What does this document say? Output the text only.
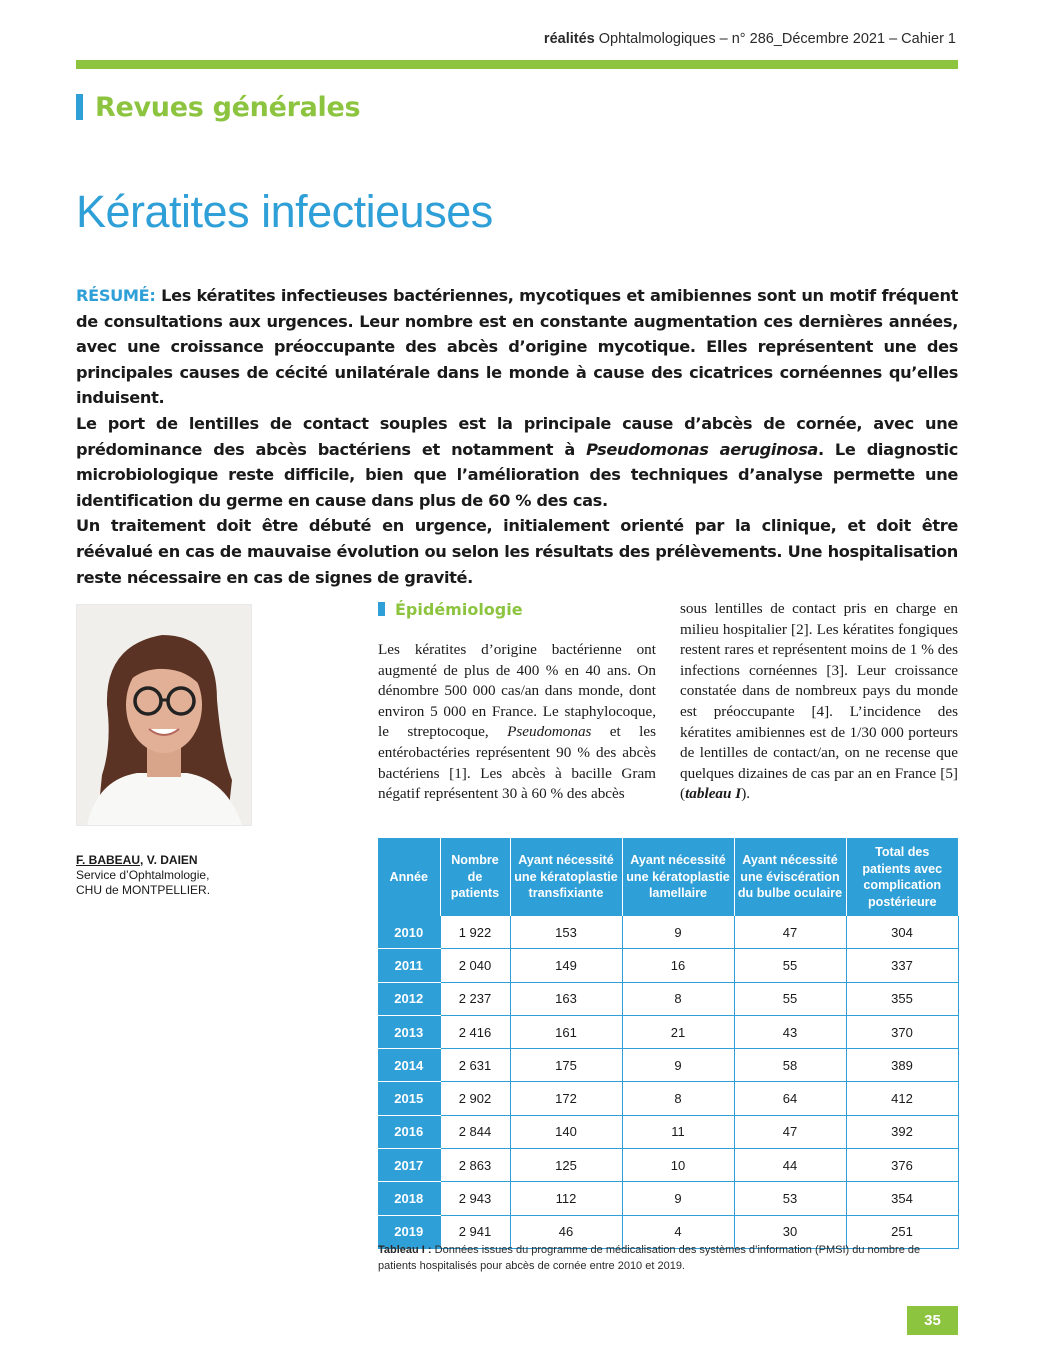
réalités Ophtalmologiques – n° 286_Décembre 2021 – Cahier 1
Revues générales
Kératites infectieuses

RÉSUMÉ: Les kératites infectieuses bactériennes, mycotiques et amibiennes sont un motif fréquent de consultations aux urgences. Leur nombre est en constante augmentation ces dernières années, avec une croissance préoccupante des abcès d’origine mycotique. Elles représentent une des principales causes de cécité unilatérale dans le monde à cause des cicatrices cornéennes qu’elles induisent.

Le port de lentilles de contact souples est la principale cause d’abcès de cornée, avec une prédominance des abcès bactériens et notamment à Pseudomonas aeruginosa. Le diagnostic microbiologique reste difficile, bien que l’amélioration des techniques d’analyse permette une identification du germe en cause dans plus de 60 % des cas.

Un traitement doit être débuté en urgence, initialement orienté par la clinique, et doit être réévalué en cas de mauvaise évolution ou selon les résultats des prélèvements. Une hospitalisation reste nécessaire en cas de signes de gravité.

F. BABEAU, V. DAIEN
Service d’Ophtalmologie,
CHU de MONTPELLIER.
Épidémiologie
Les kératites d’origine bactérienne ont augmenté de plus de 400 % en 40 ans. On dénombre 500 000 cas/an dans monde, dont environ 5 000 en France. Le staphylocoque, le streptocoque, Pseudomonas et les entérobactéries représentent 90 % des abcès bactériens [1]. Les abcès à bacille Gram négatif représentent 30 à 60 % des abcès
sous lentilles de contact pris en charge en milieu hospitalier [2]. Les kératites fongiques restent rares et représentent moins de 1 % des infections cornéennes [3]. Leur croissance constatée dans de nombreux pays du monde est préoccupante [4]. L’incidence des kératites amibiennes est de 1/30 000 porteurs de lentilles de contact/an, on ne recense que quelques dizaines de cas par an en France [5] (tableau I).
Année	Nombre de patients	Ayant nécessité une kératoplastie transfixiante	Ayant nécessité une kératoplastie lamellaire	Ayant nécessité une éviscération du bulbe oculaire	Total des patients avec complication postérieure
2010	1 922	153	9	47	304
2011	2 040	149	16	55	337
2012	2 237	163	8	55	355
2013	2 416	161	21	43	370
2014	2 631	175	9	58	389
2015	2 902	172	8	64	412
2016	2 844	140	11	47	392
2017	2 863	125	10	44	376
2018	2 943	112	9	53	354
2019	2 941	46	4	30	251
Tableau I : Données issues du programme de médicalisation des systèmes d’information (PMSI) du nombre de patients hospitalisés pour abcès de cornée entre 2010 et 2019.
35
